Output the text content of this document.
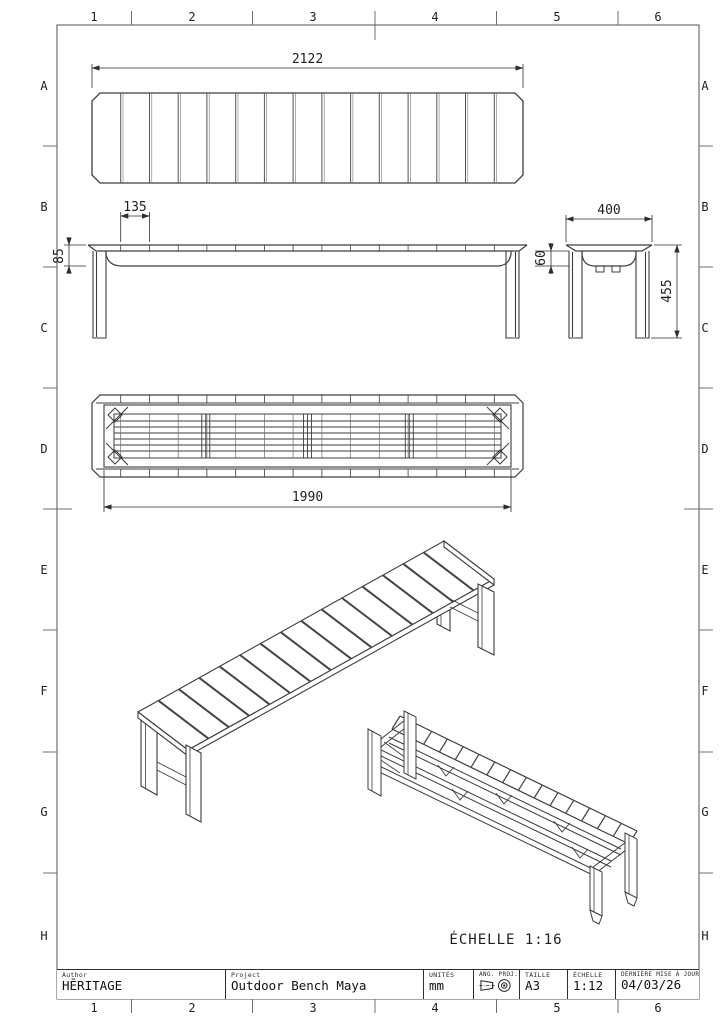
1	2	3	4	5	6
1	2	3	4	5	6
A
B
C
D
E
F
G
H
A
B
C
D
E
F
G
H
2122
135
85
400
60
455
1990
ÉCHELLE 1:16
Author
HĒRITAGE
Project
Outdoor Bench Maya
UNITÉS
mm
ANG. PROJ. TAILLE
A3
ÉCHELLE
1:12
DERNIÈRE MISE À JOUR
04/03/26
